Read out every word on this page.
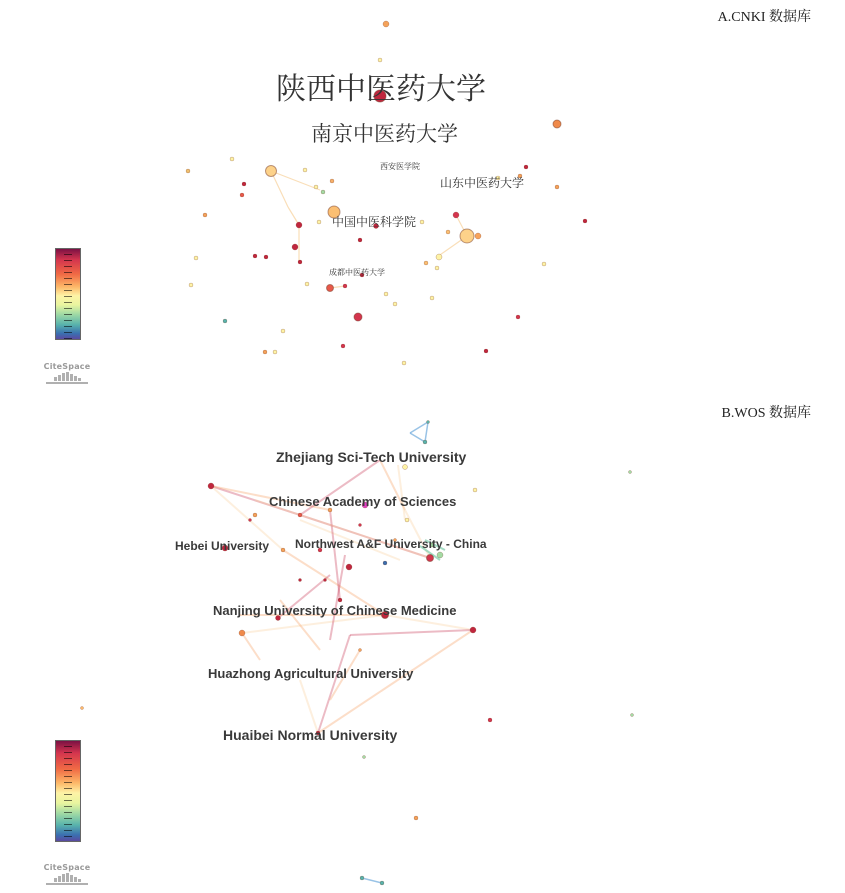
A.CNKI 数据库
陕西中医药大学
南京中医药大学
西安医学院
山东中医药大学
中国中医科学院
成都中医药大学
CiteSpace
B.WOS 数据库
Zhejiang Sci-Tech University
Chinese Academy of Sciences
Hebei University Northwest A&F University - China
Nanjing University of Chinese Medicine
Huazhong Agricultural University
Huaibei Normal University
CiteSpace
